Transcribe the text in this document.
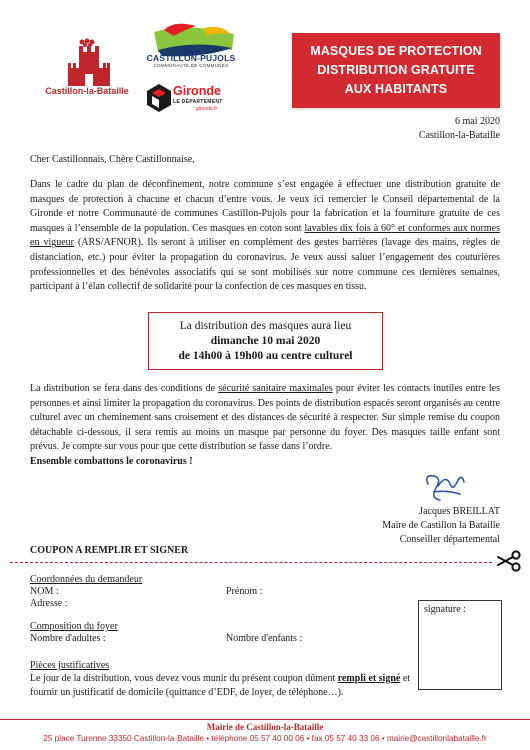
Castillon-la-Bataille
CASTILLON-PUJOLS
COMMUNAUTÉ DE COMMUNES
Gironde
LE DÉPARTEMENT
gironde.fr
MASQUES DE PROTECTION
DISTRIBUTION GRATUITE
AUX HABITANTS
6 mai 2020
Castillon-la-Bataille
Cher Castillonnais, Chère Castillonnaise,
Dans le cadre du plan de déconfinement, notre commune s’est engagée à effectuer une distribution gratuite de masques de protection à chacune et chacun d’entre vous. Je veux ici remercier le Conseil départemental de la Gironde et notre Communauté de communes Castillon-Pujols pour la fabrication et la fourniture gratuite de ces masques à l’ensemble de la population. Ces masques en coton sont lavables dix fois à 60° et conformes aux normes en vigueur (ARS/AFNOR). Ils seront à utiliser en complément des gestes barrières (lavage des mains, règles de distanciation, etc.) pour éviter la propagation du coronavirus. Je veux aussi saluer l’engagement des couturières professionnelles et des bénévoles associatifs qui se sont mobilisés sur notre commune ces dernières semaines, participant à l’élan collectif de solidarité pour la confection de ces masques en tissu.
La distribution des masques aura lieu
dimanche 10 mai 2020
de 14h00 à 19h00 au centre culturel
La distribution se fera dans des conditions de sécurité sanitaire maximales pour éviter les contacts inutiles entre les personnes et ainsi limiter la propagation du coronavirus. Des points de distribution espacés seront organisés au centre culturel avec un cheminement sans croisement et des distances de sécurité à respecter. Sur simple remise du coupon détachable ci-dessous, il sera remis au moins un masque par personne du foyer. Des masques taille enfant sont prévus. Je compte sur vous pour que cette distribution se fasse dans l’ordre.
Ensemble combattons le coronavirus !
Jacques BREILLAT
Maire de Castillon la Bataille
Conseiller départemental
COUPON A REMPLIR ET SIGNER
Coordonnées du demandeur
NOM :	Prénom :
Adresse :
Composition du foyer
Nombre d'adultes :	Nombre d'enfants :
Pièces justificatives
Le jour de la distribution, vous devez vous munir du présent coupon dûment rempli et signé et fournir un justificatif de domicile (quittance d’EDF, de loyer, de téléphone…).
signature :
Mairie de Castillon-la-Bataille
25 place Turenne 33350 Castillon-la-Bataille • téléphone 05 57 40 00 06 • fax 05 57 40 33 06 • mairie@castillonlabataille.fr
